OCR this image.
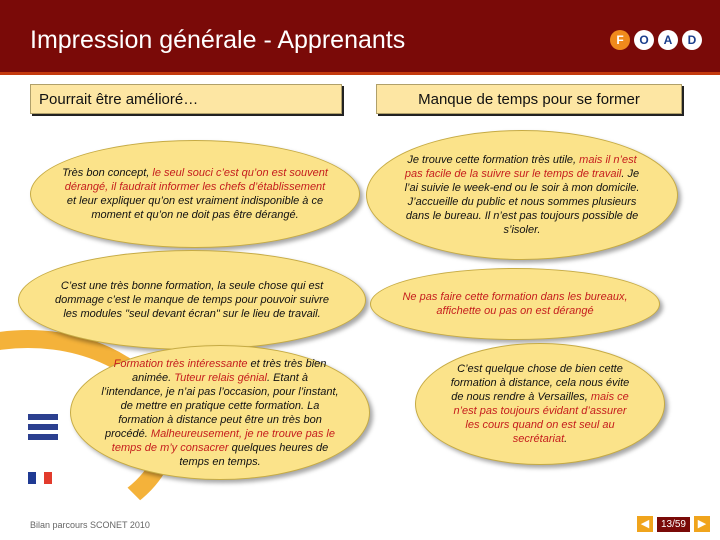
Impression générale - Apprenants	F	O	A	D
Pourrait être amélioré…	Manque de temps pour se former
Très bon concept, le seul souci c’est qu’on est souvent dérangé, il faudrait informer les chefs d’établissement et leur expliquer qu’on est vraiment indisponible à ce moment et qu’on ne doit pas être dérangé.
C’est une très bonne formation, la seule chose qui est dommage c’est le manque de temps pour pouvoir suivre les modules "seul devant écran" sur le lieu de travail.
Formation très intéressante et très très bien animée. Tuteur relais génial. Etant à l’intendance, je n’ai pas l’occasion, pour l’instant, de mettre en pratique cette formation. La formation à distance peut être un très bon procédé. Malheureusement, je ne trouve pas le temps de m’y consacrer quelques heures de temps en temps.
Je trouve cette formation très utile, mais il n’est pas facile de la suivre sur le temps de travail. Je l’ai suivie le week-end ou le soir à mon domicile. J’accueille du public et nous sommes plusieurs dans le bureau. Il n’est pas toujours possible de s’isoler.
Ne pas faire cette formation dans les bureaux, affichette ou pas on est dérangé
C’est quelque chose de bien cette formation à distance, cela nous évite de nous rendre à Versailles, mais ce n’est pas toujours évidant d’assurer les cours quand on est seul au secrétariat.
Bilan parcours SCONET 2010	◀	13/59	▶
